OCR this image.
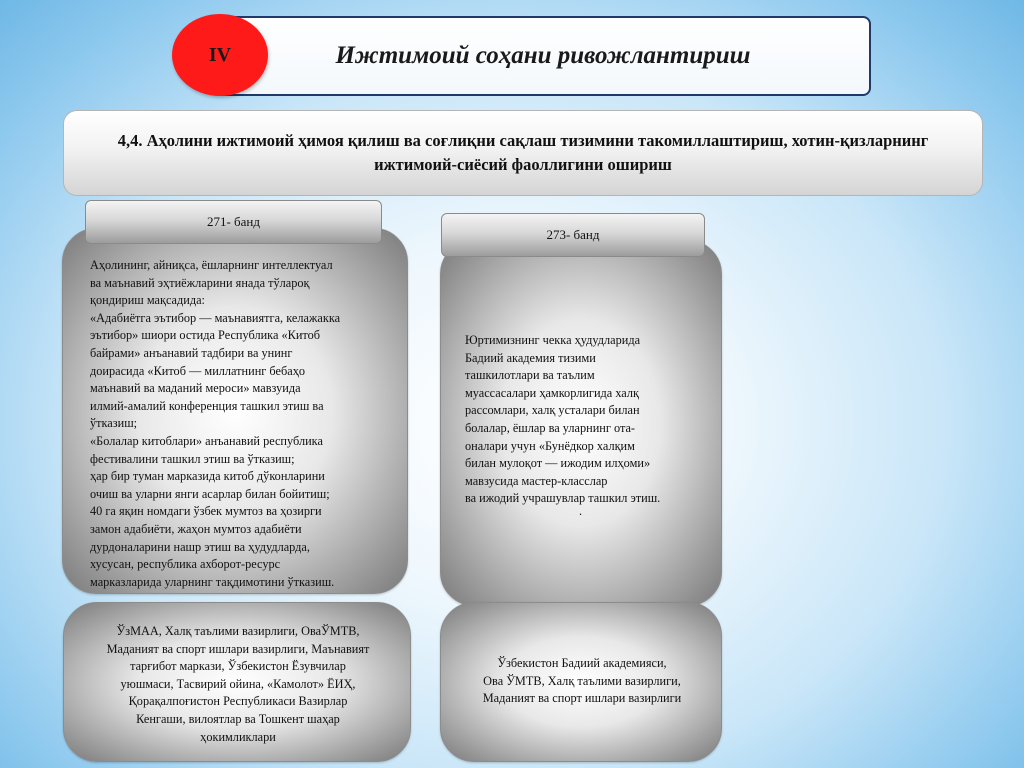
Ижтимоий соҳани ривожлантириш
IV
4,4. Аҳолини ижтимоий ҳимоя қилиш ва соғлиқни сақлаш тизимини такомиллаштириш, хотин-қизларнинг ижтимоий-сиёсий фаоллигини ошириш
Аҳолининг, айниқса, ёшларнинг интеллектуал
ва маънавий эҳтиёжларини янада тўлароқ
қондириш мақсадида:
«Адабиётга эътибор — маънавиятга, келажакка
эътибор» шиори остида Республика «Китоб
байрами» анъанавий тадбири ва унинг
доирасида «Китоб — миллатнинг бебаҳо
маънавий ва маданий мероси» мавзуида
илмий-амалий конференция ташкил этиш ва
ўтказиш;
«Болалар китоблари» анъанавий республика
фестивалини ташкил этиш ва ўтказиш;
ҳар бир туман марказида китоб дўконларини
очиш ва уларни янги асарлар билан бойитиш;
40 га яқин номдаги ўзбек мумтоз ва ҳозирги
замон адабиёти, жаҳон мумтоз адабиёти
дурдоналарини нашр этиш ва ҳудудларда,
хусусан, республика ахборот-ресурс
марказларида уларнинг тақдимотини ўтказиш.
271- банд
ЎзМАА, Халқ таълими вазирлиги, ОваЎМТВ,
Маданият ва спорт ишлари вазирлиги, Маънавият
тарғибот маркази, Ўзбекистон Ёзувчилар
уюшмаси, Тасвирий ойина, «Камолот» ЁИҲ,
Қорақалпоғистон Республикаси Вазирлар
Кенгаши, вилоятлар ва Тошкент шаҳар
ҳокимликлари
Юртимизнинг чекка ҳудудларида
Бадиий академия тизими
ташкилотлари ва таълим
муассасалари ҳамкорлигида халқ
рассомлари, халқ усталари билан
болалар, ёшлар ва уларнинг ота-
оналари учун «Бунёдкор халқим
билан мулоқот — ижодим илҳоми»
мавзусида мастер-класслар
ва ижодий учрашувлар ташкил этиш.
.
273- банд
Ўзбекистон Бадиий академияси,
Ова ЎМТВ, Халқ таълими вазирлиги,
Маданият ва спорт ишлари вазирлиги
